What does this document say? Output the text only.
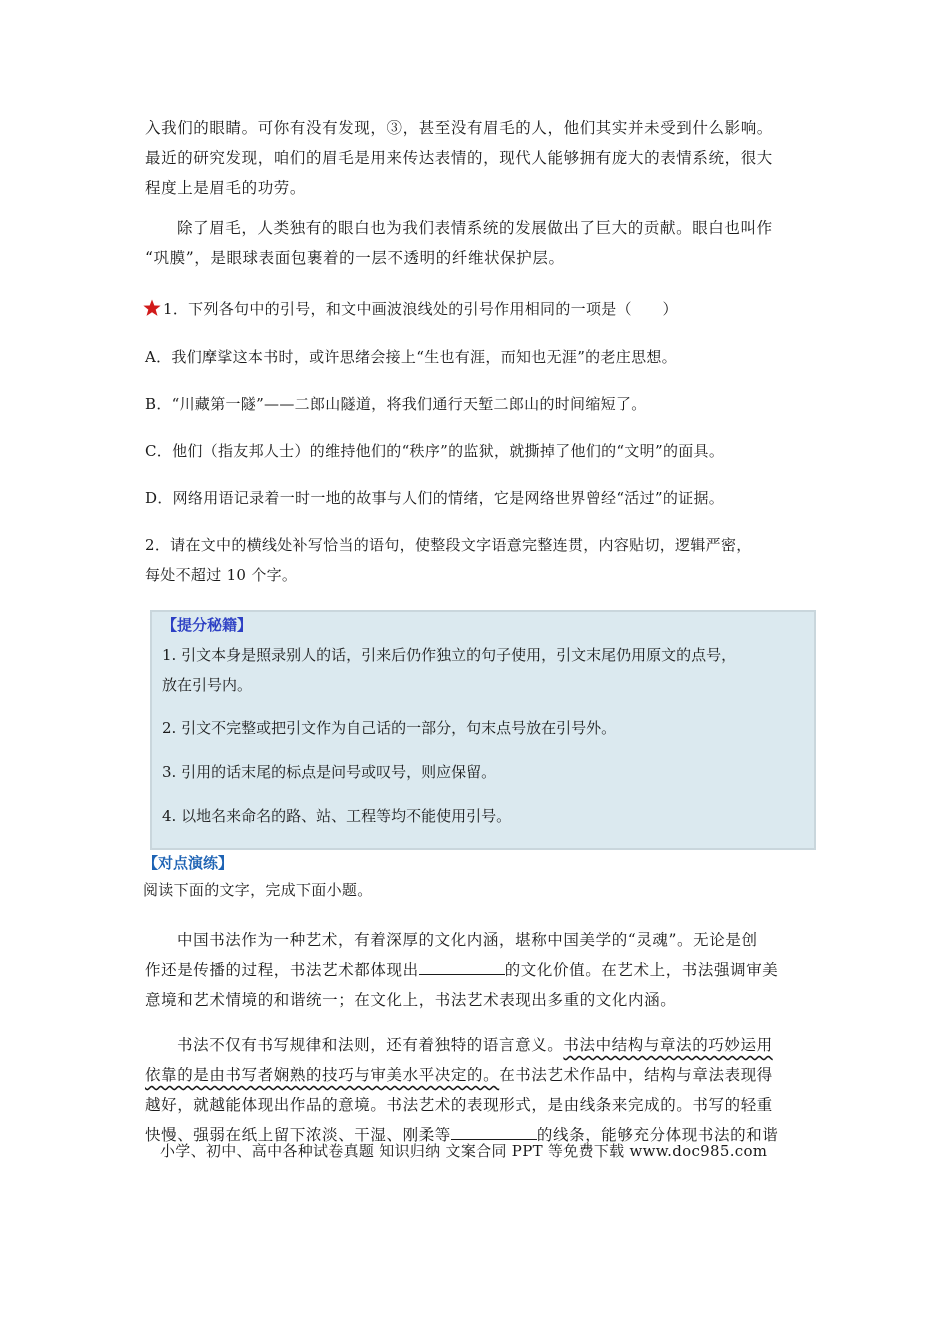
入我们的眼睛。可你有没有发现，③，甚至没有眉毛的人，他们其实并未受到什么影响。

最近的研究发现，咱们的眉毛是用来传达表情的，现代人能够拥有庞大的表情系统，很大

程度上是眉毛的功劳。

除了眉毛，人类独有的眼白也为我们表情系统的发展做出了巨大的贡献。眼白也叫作

“巩膜”，是眼球表面包裹着的一层不透明的纤维状保护层。

1．下列各句中的引号，和文中画波浪线处的引号作用相同的一项是（　　）

A．我们摩挲这本书时，或许思绪会接上“生也有涯，而知也无涯”的老庄思想。

B．“川藏第一隧”——二郎山隧道，将我们通行天堑二郎山的时间缩短了。

C．他们（指友邦人士）的维持他们的“秩序”的监狱，就撕掉了他们的“文明”的面具。

D．网络用语记录着一时一地的故事与人们的情绪，它是网络世界曾经“活过”的证据。

2．请在文中的横线处补写恰当的语句，使整段文字语意完整连贯，内容贴切，逻辑严密，

每处不超过 10 个字。

【提分秘籍】

1. 引文本身是照录别人的话，引来后仍作独立的句子使用，引文末尾仍用原文的点号，

放在引号内。

2. 引文不完整或把引文作为自己话的一部分，句末点号放在引号外。

3. 引用的话末尾的标点是问号或叹号，则应保留。

4. 以地名来命名的路、站、工程等均不能使用引号。

【对点演练】

阅读下面的文字，完成下面小题。

中国书法作为一种艺术，有着深厚的文化内涵，堪称中国美学的“灵魂”。无论是创

作还是传播的过程，书法艺术都体现出	的文化价值。在艺术上，书法强调审美

意境和艺术情境的和谐统一；在文化上，书法艺术表现出多重的文化内涵。

书法不仅有书写规律和法则，还有着独特的语言意义。书法中结构与章法的巧妙运用

依靠的是由书写者娴熟的技巧与审美水平决定的。在书法艺术作品中，结构与章法表现得

越好，就越能体现出作品的意境。书法艺术的表现形式，是由线条来完成的。书写的轻重

快慢、强弱在纸上留下浓淡、干湿、刚柔等	的线条，能够充分体现书法的和谐

小学、初中、高中各种试卷真题 知识归纳 文案合同 PPT 等免费下载 www.doc985.com
